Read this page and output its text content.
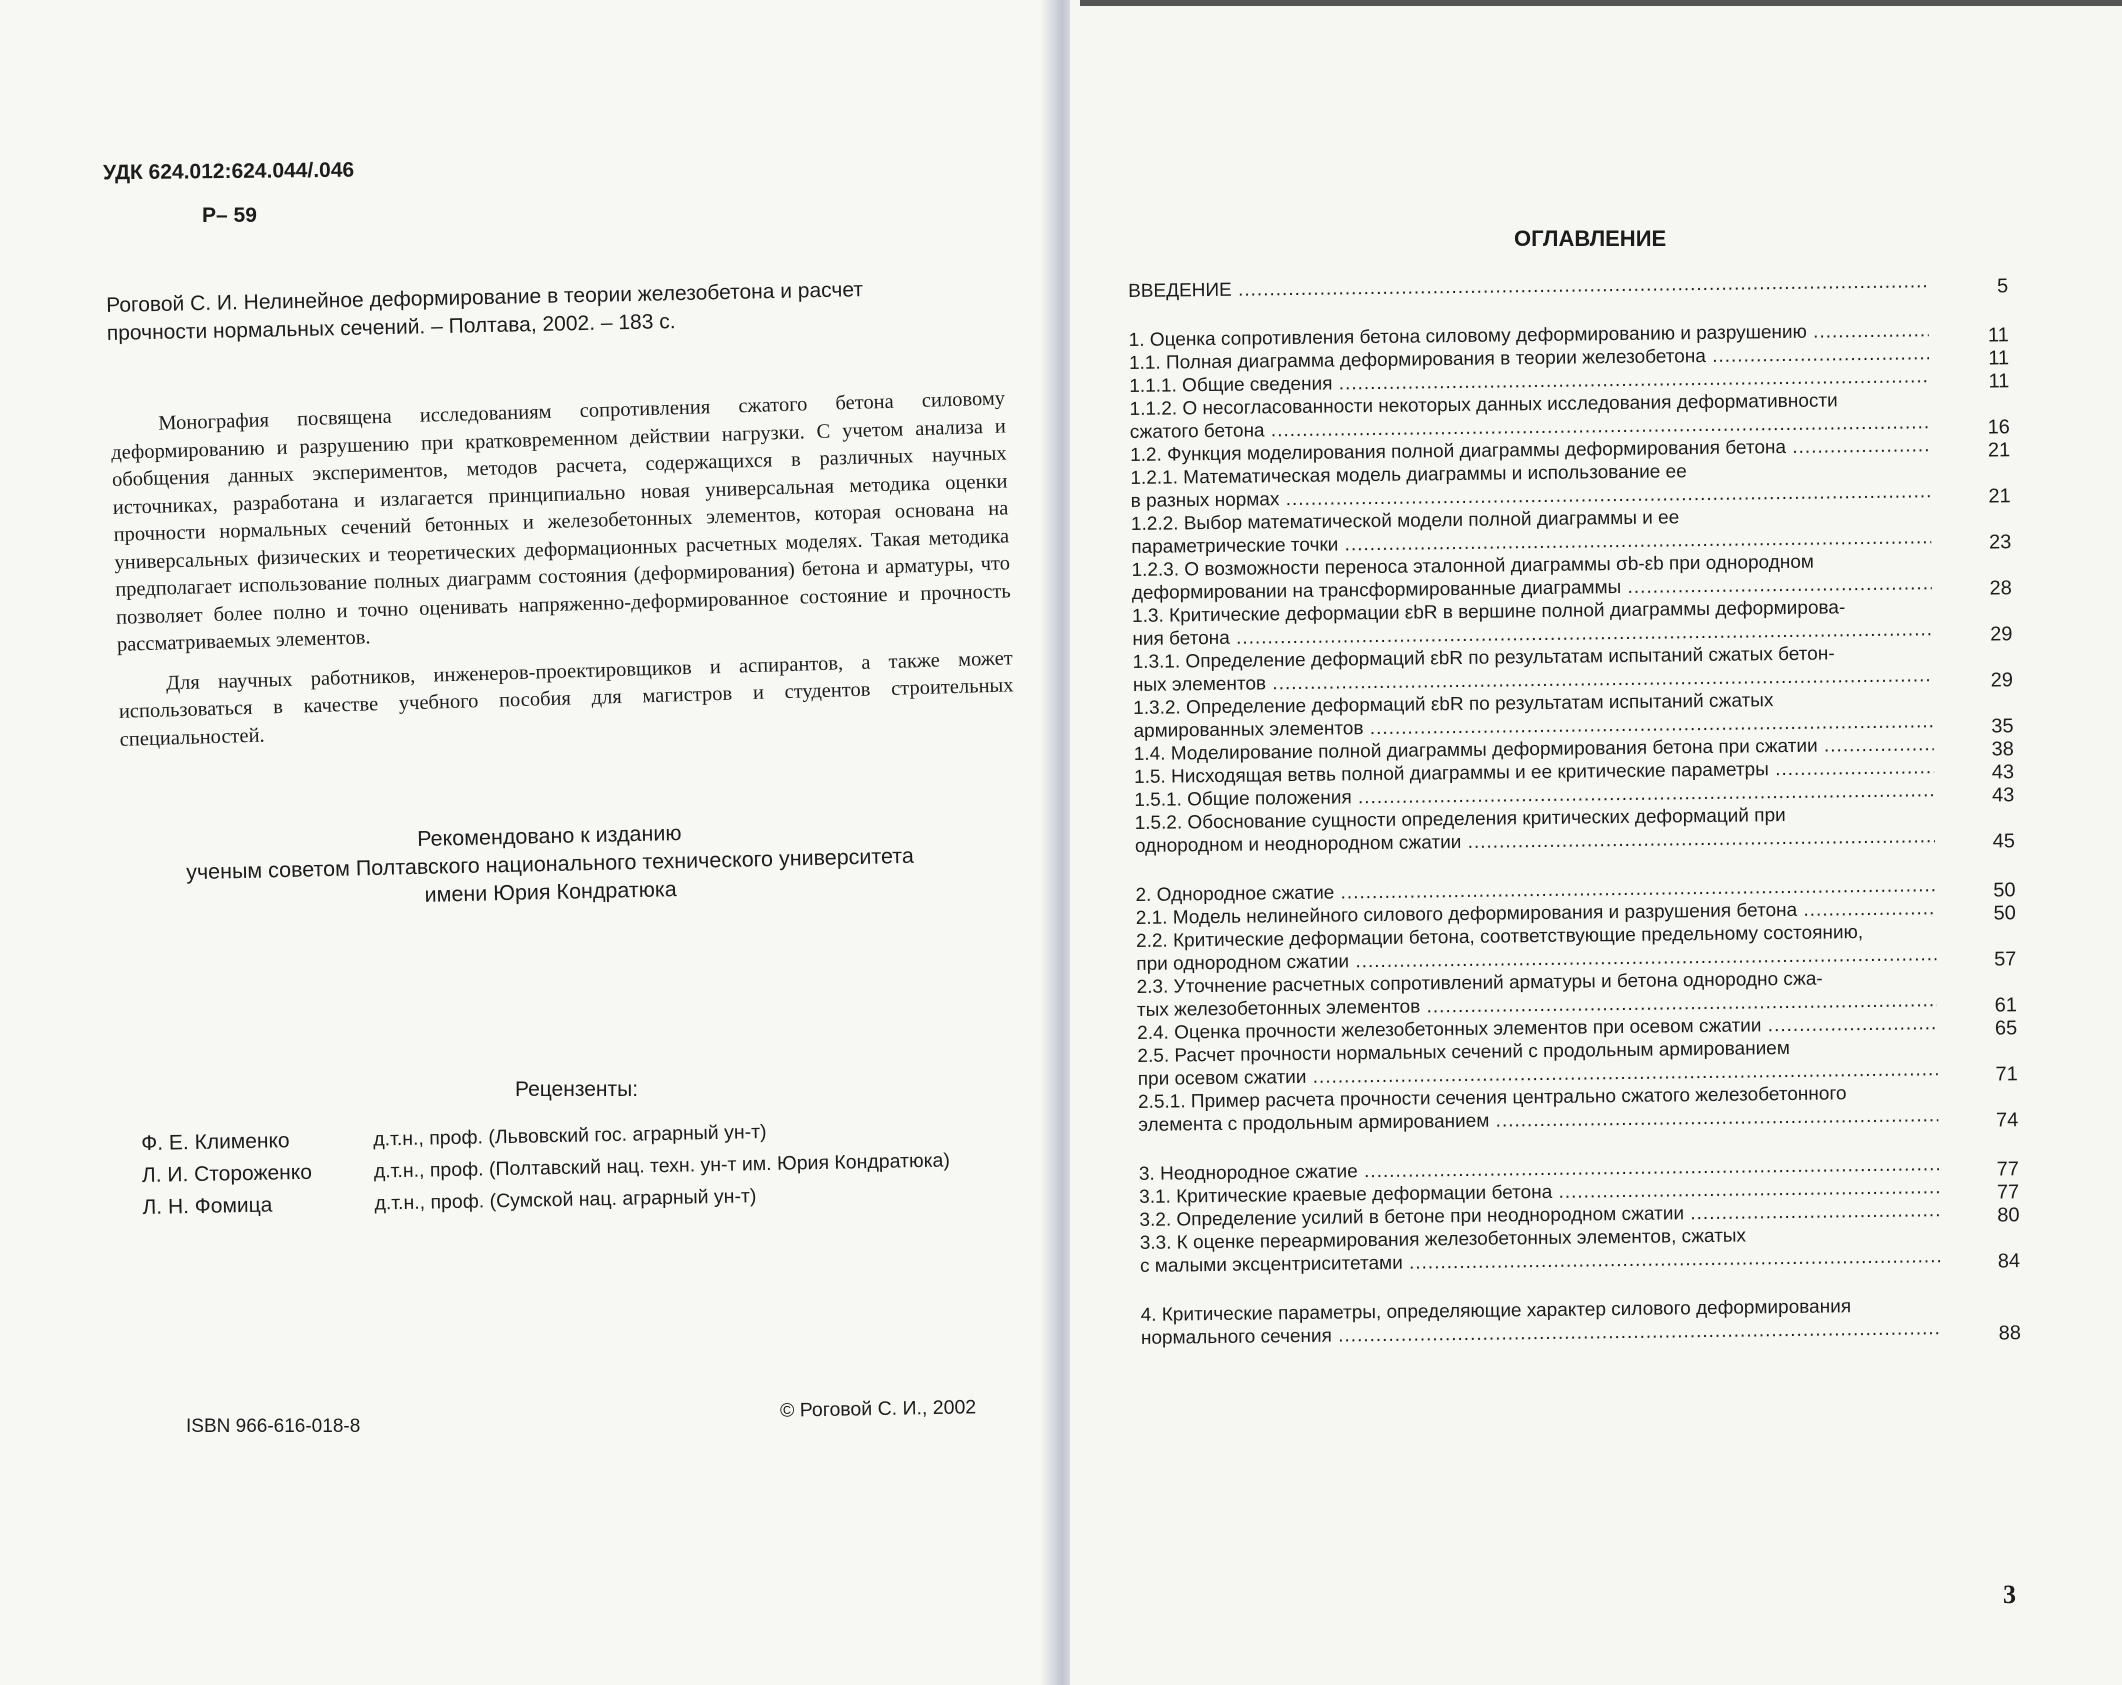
УДК 624.012:624.044/.046
Р– 59
Роговой С. И. Нелинейное деформирование в теории железобетона и расчет прочности нормальных сечений. – Полтава, 2002. – 183 с.

Монография посвящена исследованиям сопротивления сжатого бетона силовому деформированию и разрушению при кратковременном действии нагрузки. С учетом анализа и обобщения данных экспериментов, методов расчета, содержащихся в различных научных источниках, разработана и излагается принципиально новая универсальная методика оценки прочности нормальных сечений бетонных и железобетонных элементов, которая основана на универсальных физических и теоретических деформационных расчетных моделях. Такая методика предполагает использование полных диаграмм состояния (деформирования) бетона и арматуры, что позволяет более полно и точно оценивать напряженно-деформированное состояние и прочность рассматриваемых элементов.

Для научных работников, инженеров-проектировщиков и аспирантов, а также может использоваться в качестве учебного пособия для магистров и студентов строительных специальностей.

Рекомендовано к изданию
ученым советом Полтавского национального технического университета
имени Юрия Кондратюка
Рецензенты:
Ф. Е. Клименко	д.т.н., проф. (Львовский гос. аграрный ун-т)
Л. И. Стороженко	д.т.н., проф. (Полтавский нац. техн. ун-т им. Юрия Кондратюка)
Л. Н. Фомица	д.т.н., проф. (Сумской нац. аграрный ун-т)
ISBN 966-616-018-8
© Роговой С. И., 2002
ОГЛАВЛЕНИЕ
ВВЕДЕНИЕ .....	5
1. Оценка сопротивления бетона силовому деформированию и разрушению .....	11
1.1. Полная диаграмма деформирования в теории железобетона .....	11
1.1.1. Общие сведения .....	11
1.1.2. О несогласованности некоторых данных исследования деформативности
сжатого бетона .....	16
1.2. Функция моделирования полной диаграммы деформирования бетона .....	21
1.2.1. Математическая модель диаграммы и использование ее
в разных нормах .....	21
1.2.2. Выбор математической модели полной диаграммы и ее
параметрические точки .....	23
1.2.3. О возможности переноса эталонной диаграммы σb-εb при однородном
деформировании на трансформированные диаграммы .....	28
1.3. Критические деформации εbR в вершине полной диаграммы деформирова-
ния бетона .....	29
1.3.1. Определение деформаций εbR по результатам испытаний сжатых бетон-
ных элементов .....	29
1.3.2. Определение деформаций εbR по результатам испытаний сжатых
армированных элементов .....	35
1.4. Моделирование полной диаграммы деформирования бетона при сжатии .....	38
1.5. Нисходящая ветвь полной диаграммы и ее критические параметры .....	43
1.5.1. Общие положения .....	43
1.5.2. Обоснование сущности определения критических деформаций при
однородном и неоднородном сжатии .....	45
2. Однородное сжатие .....	50
2.1. Модель нелинейного силового деформирования и разрушения бетона .....	50
2.2. Критические деформации бетона, соответствующие предельному состоянию,
при однородном сжатии .....	57
2.3. Уточнение расчетных сопротивлений арматуры и бетона однородно сжа-
тых железобетонных элементов .....	61
2.4. Оценка прочности железобетонных элементов при осевом сжатии .....	65
2.5. Расчет прочности нормальных сечений с продольным армированием
при осевом сжатии .....	71
2.5.1. Пример расчета прочности сечения центрально сжатого железобетонного
элемента с продольным армированием .....	74
3. Неоднородное сжатие .....	77
3.1. Критические краевые деформации бетона .....	77
3.2. Определение усилий в бетоне при неоднородном сжатии .....	80
3.3. К оценке переармирования железобетонных элементов, сжатых
с малыми эксцентриситетами .....	84
4. Критические параметры, определяющие характер силового деформирования
нормального сечения .....	88
3
